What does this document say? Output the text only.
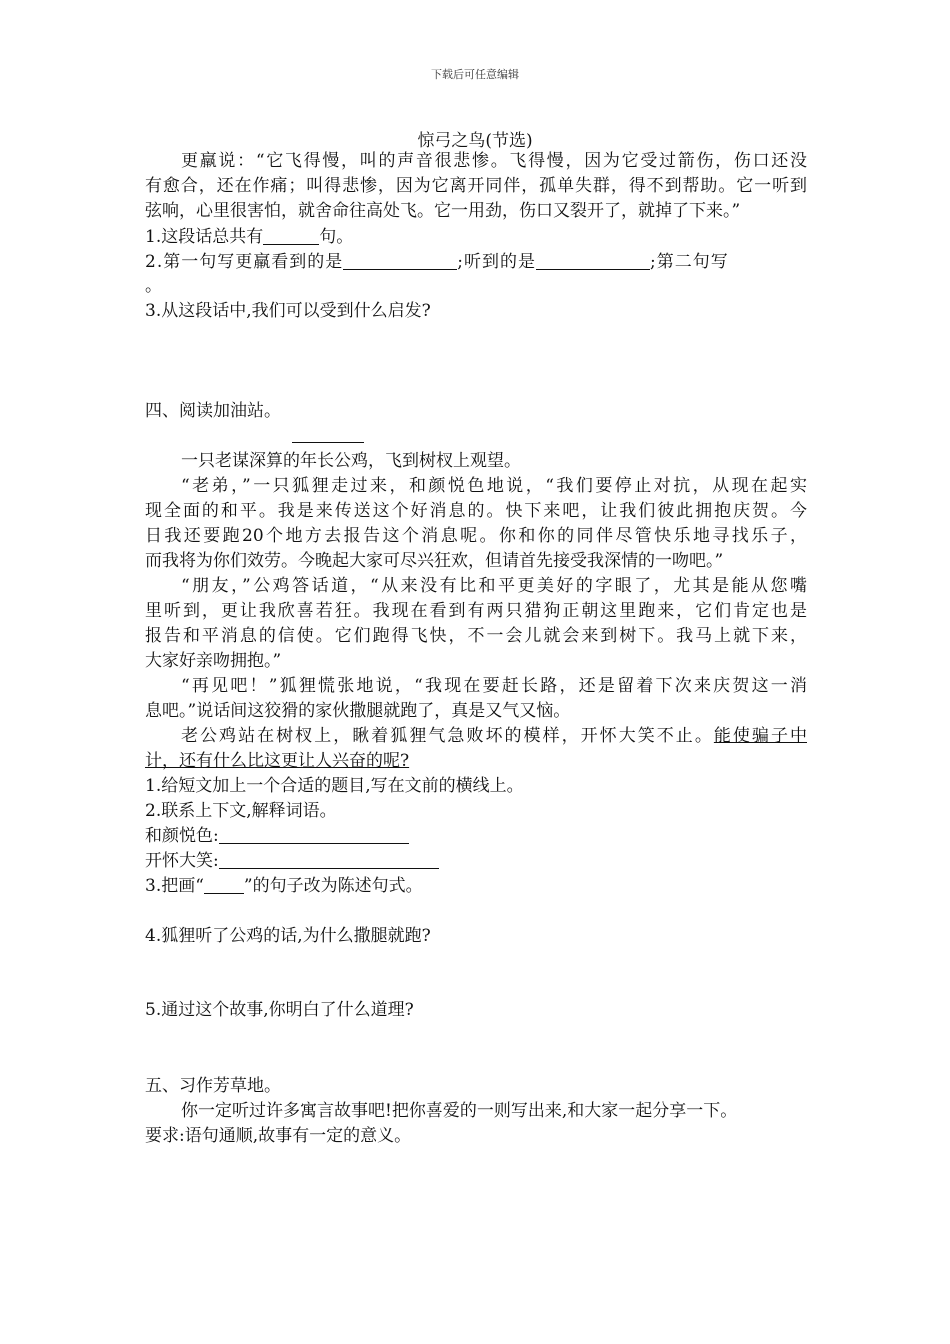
下载后可任意编辑
惊弓之鸟(节选)
更羸说：“它飞得慢，叫的声音很悲惨。飞得慢，因为它受过箭伤，伤口还没
有愈合，还在作痛；叫得悲惨，因为它离开同伴，孤单失群，得不到帮助。它一听到
弦响，心里很害怕，就舍命往高处飞。它一用劲，伤口又裂开了，就掉了下来。”
1.这段话总共有	句。
2.第一句写更羸看到的是	;听到的是	;第二句写
。
3.从这段话中,我们可以受到什么启发?
四、阅读加油站。
一只老谋深算的年长公鸡，飞到树杈上观望。
“老弟，”一只狐狸走过来，和颜悦色地说，“我们要停止对抗，从现在起实
现全面的和平。我是来传送这个好消息的。快下来吧，让我们彼此拥抱庆贺。今
日我还要跑20个地方去报告这个消息呢。你和你的同伴尽管快乐地寻找乐子，
而我将为你们效劳。今晚起大家可尽兴狂欢，但请首先接受我深情的一吻吧。”
“朋友，”公鸡答话道，“从来没有比和平更美好的字眼了，尤其是能从您嘴
里听到，更让我欣喜若狂。我现在看到有两只猎狗正朝这里跑来，它们肯定也是
报告和平消息的信使。它们跑得飞快，不一会儿就会来到树下。我马上就下来，
大家好亲吻拥抱。”
“再见吧！”狐狸慌张地说，“我现在要赶长路，还是留着下次来庆贺这一消
息吧。”说话间这狡猾的家伙撒腿就跑了，真是又气又恼。
老公鸡站在树杈上，瞅着狐狸气急败坏的模样，开怀大笑不止。能使骗子中
计，还有什么比这更让人兴奋的呢?
1.给短文加上一个合适的题目,写在文前的横线上。
2.联系上下文,解释词语。
和颜悦色:
开怀大笑:
3.把画“ ”的句子改为陈述句式。
4.狐狸听了公鸡的话,为什么撒腿就跑?
5.通过这个故事,你明白了什么道理?
五、习作芳草地。
你一定听过许多寓言故事吧!把你喜爱的一则写出来,和大家一起分享一下。
要求:语句通顺,故事有一定的意义。
